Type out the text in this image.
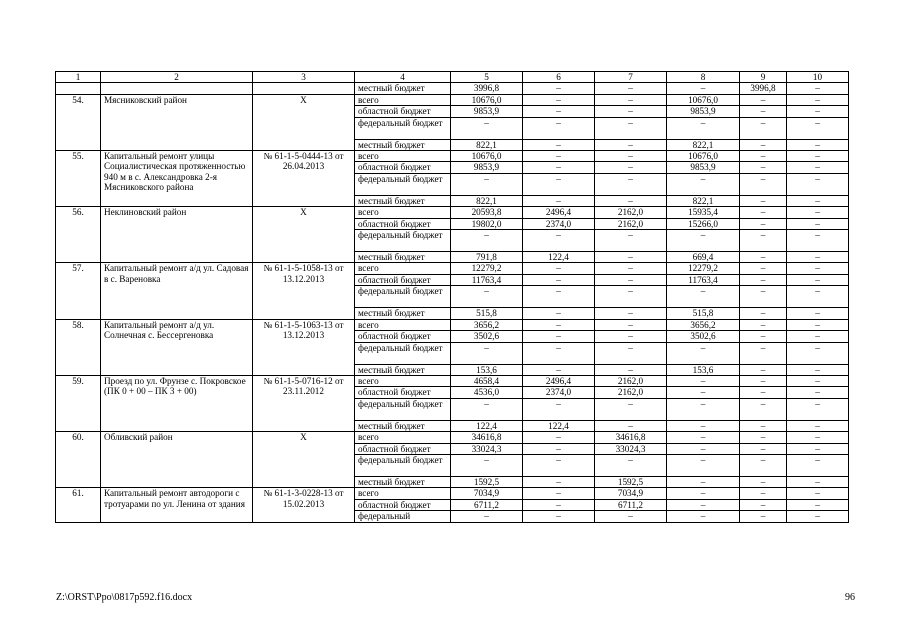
1	2	3	4	5	6	7	8	9	10
			местный бюджет	3996,8	–	–	–	3996,8	–
54.	Мясниковский район	X	всего	10676,0	–	–	10676,0	–	–
			областной бюджет	9853,9	–	–	9853,9	–	–
			федеральный бюджет	–	–	–	–	–	–
			местный бюджет	822,1	–	–	822,1	–	–
55.	Капитальный ремонт улицы Социалистическая протяженностью 940 м в с. Александровка 2-я Мясниковского района	№ 61-1-5-0444-13 от 26.04.2013	всего	10676,0	–	–	10676,0	–	–
			областной бюджет	9853,9	–	–	9853,9	–	–
			федеральный бюджет	–	–	–	–	–	–
			местный бюджет	822,1	–	–	822,1	–	–
56.	Неклиновский район	X	всего	20593,8	2496,4	2162,0	15935,4	–	–
			областной бюджет	19802,0	2374,0	2162,0	15266,0	–	–
			федеральный бюджет	–	–	–	–	–	–
			местный бюджет	791,8	122,4	–	669,4	–	–
57.	Капитальный ремонт а/д ул. Садовая в с. Вареновка	№ 61-1-5-1058-13 от 13.12.2013	всего	12279,2	–	–	12279,2	–	–
			областной бюджет	11763,4	–	–	11763,4	–	–
			федеральный бюджет	–	–	–	–	–	–
			местный бюджет	515,8	–	–	515,8	–	–
58.	Капитальный ремонт а/д ул. Солнечная с. Бессергеновка	№ 61-1-5-1063-13 от 13.12.2013	всего	3656,2	–	–	3656,2	–	–
			областной бюджет	3502,6	–	–	3502,6	–	–
			федеральный бюджет	–	–	–	–	–	–
			местный бюджет	153,6	–	–	153,6	–	–
59.	Проезд по ул. Фрунзе с. Покровское (ПК 0 + 00 – ПК 3 + 00)	№ 61-1-5-0716-12 от 23.11.2012	всего	4658,4	2496,4	2162,0	–	–	–
			областной бюджет	4536,0	2374,0	2162,0	–	–	–
			федеральный бюджет	–	–	–	–	–	–
			местный бюджет	122,4	122,4	–	–	–	–
60.	Обливский район	X	всего	34616,8	–	34616,8	–	–	–
			областной бюджет	33024,3	–	33024,3	–	–	–
			федеральный бюджет	–	–	–	–	–	–
			местный бюджет	1592,5	–	1592,5	–	–	–
61.	Капитальный ремонт автодороги с тротуарами по ул. Ленина от здания	№ 61-1-3-0228-13 от 15.02.2013	всего	7034,9	–	7034,9	–	–	–
			областной бюджет	6711,2	–	6711,2	–	–	–
			федеральный	–	–	–	–	–	–
Z:\ORST\Ppo\0817p592.f16.docx	96
